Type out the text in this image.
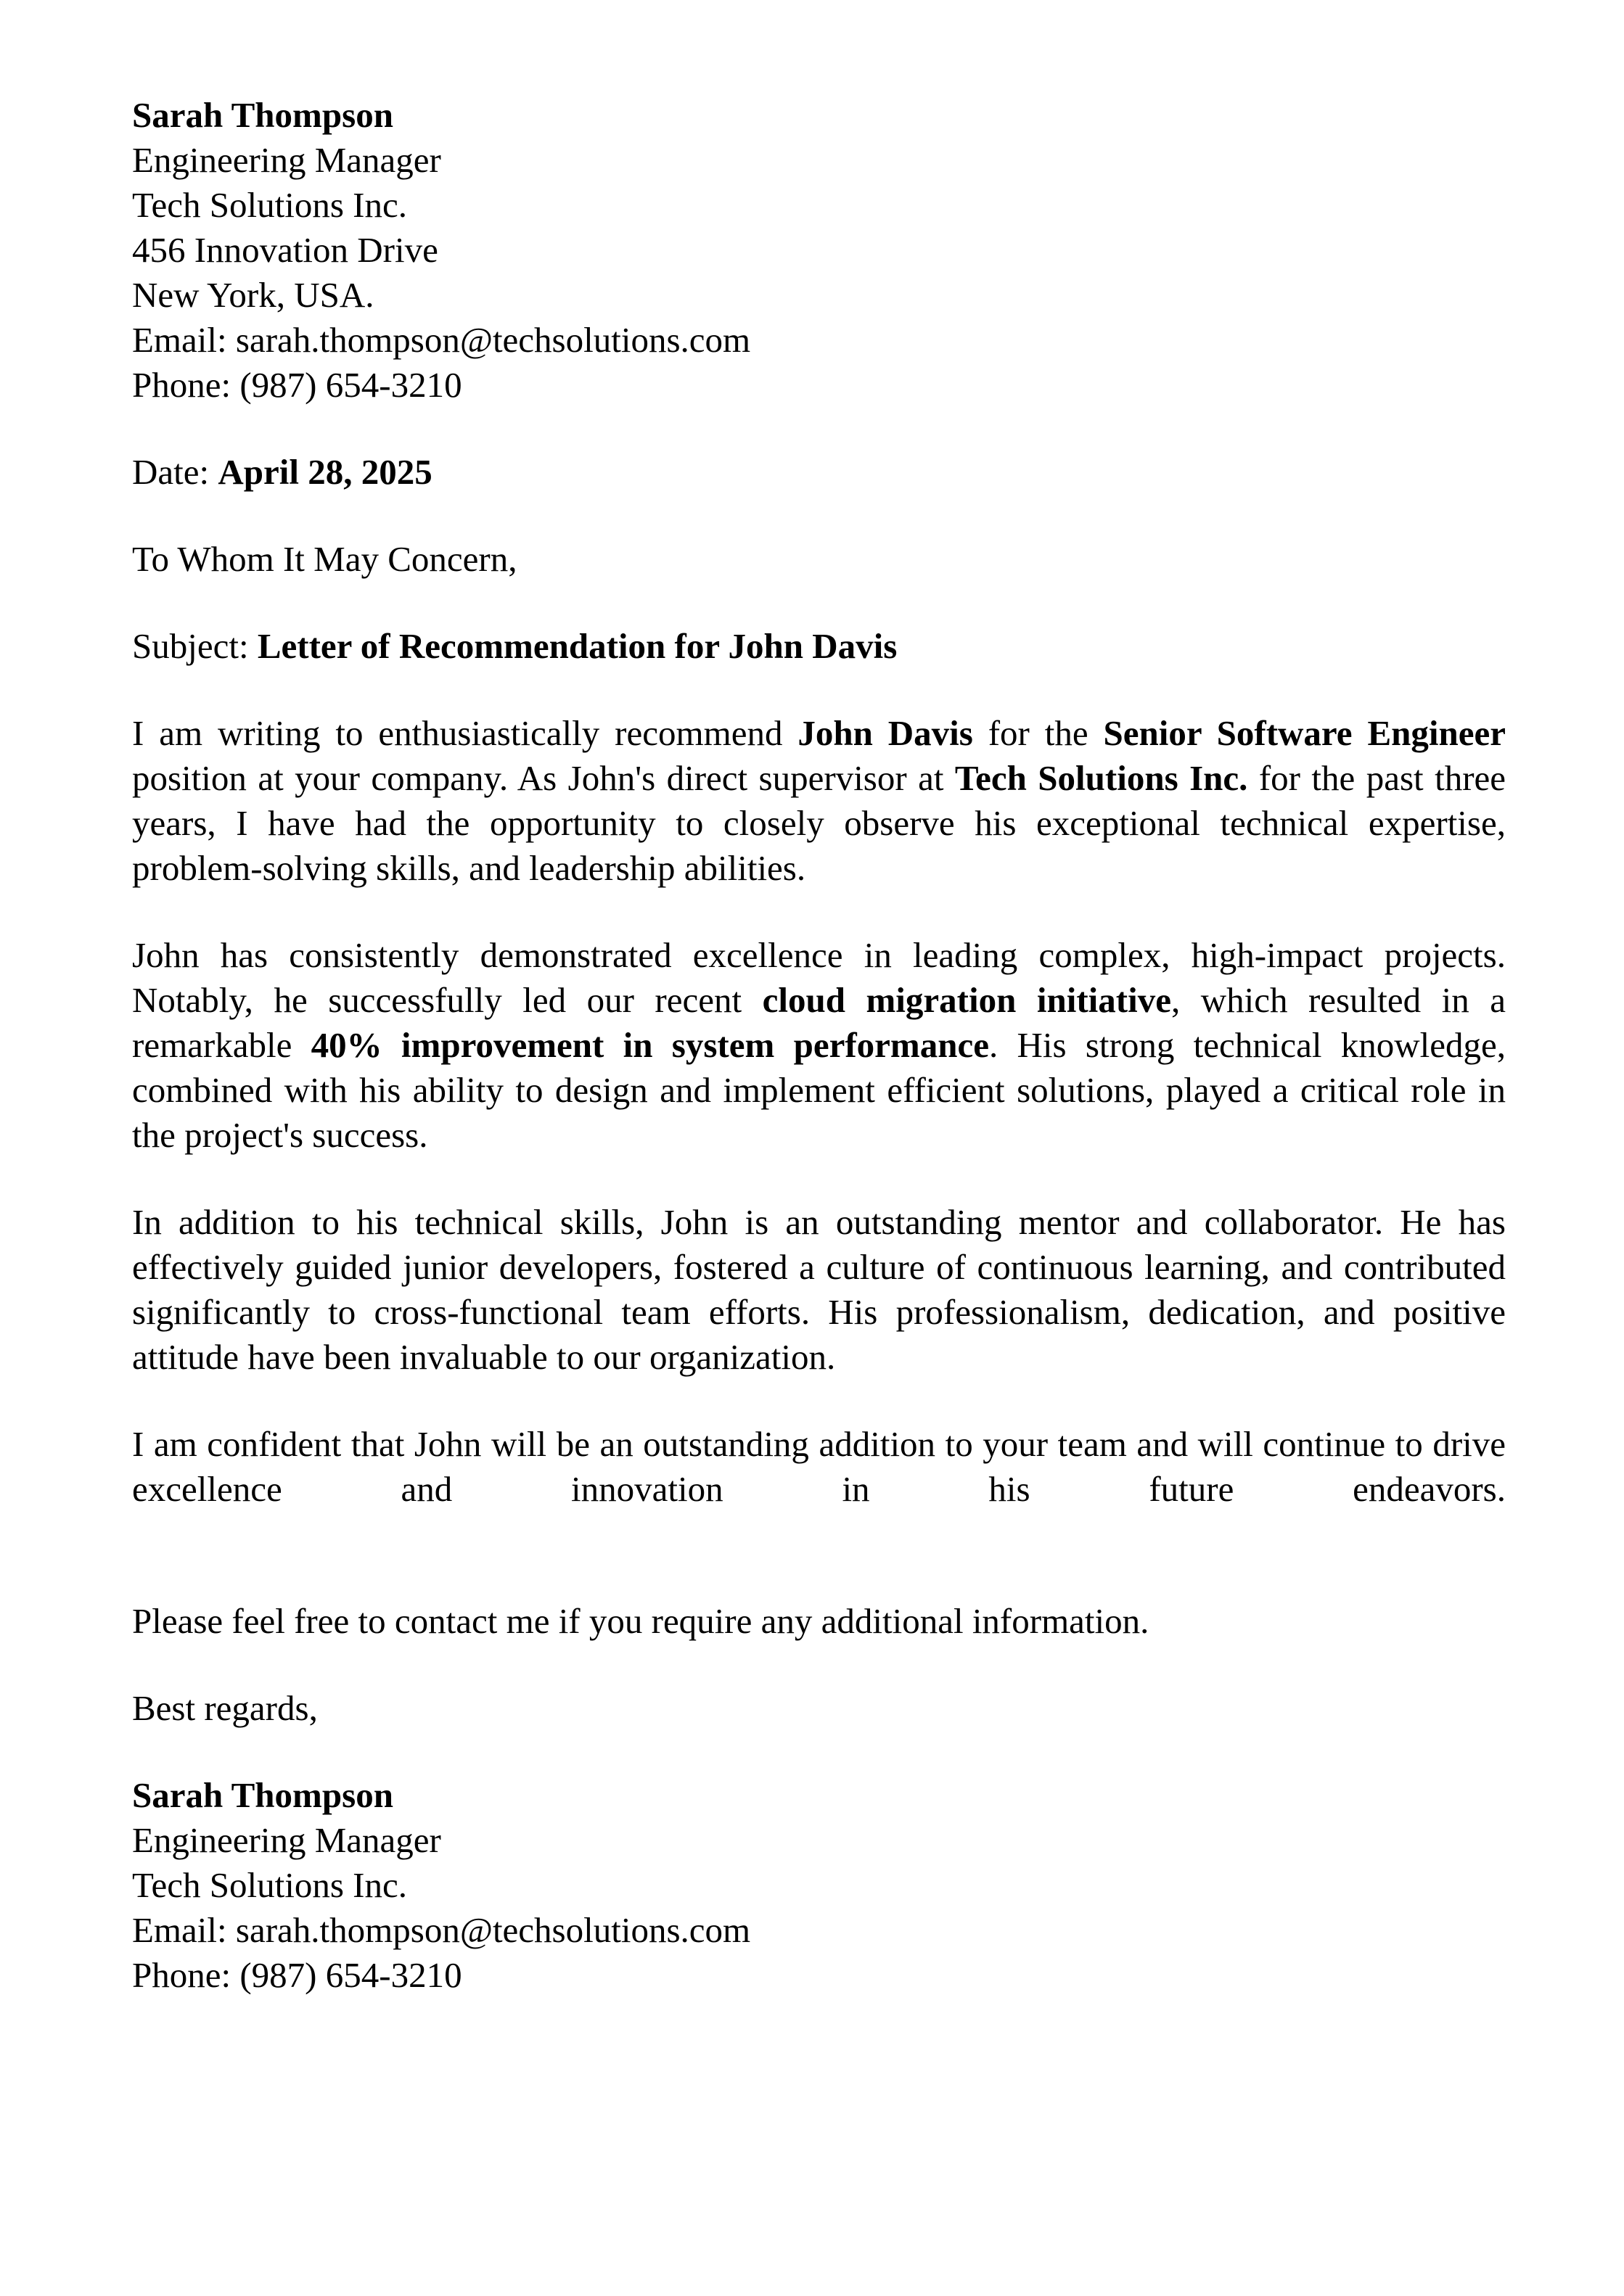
Sarah Thompson
Engineering Manager
Tech Solutions Inc.
456 Innovation Drive
New York, USA.
Email: sarah.thompson@techsolutions.com
Phone: (987) 654-3210

Date: April 28, 2025

To Whom It May Concern,

Subject: Letter of Recommendation for John Davis

I am writing to enthusiastically recommend John Davis for the Senior Software Engineer position at your company. As John's direct supervisor at Tech Solutions Inc. for the past three years, I have had the opportunity to closely observe his exceptional technical expertise, problem-solving skills, and leadership abilities.

John has consistently demonstrated excellence in leading complex, high-impact projects. Notably, he successfully led our recent cloud migration initiative, which resulted in a remarkable 40% improvement in system performance. His strong technical knowledge, combined with his ability to design and implement efficient solutions, played a critical role in the project's success.

In addition to his technical skills, John is an outstanding mentor and collaborator. He has effectively guided junior developers, fostered a culture of continuous learning, and contributed significantly to cross-functional team efforts. His professionalism, dedication, and positive attitude have been invaluable to our organization.

I am confident that John will be an outstanding addition to your team and will continue to drive excellence and innovation in his future endeavors.

Please feel free to contact me if you require any additional information.

Best regards,

Sarah Thompson
Engineering Manager
Tech Solutions Inc.
Email: sarah.thompson@techsolutions.com
Phone: (987) 654-3210
